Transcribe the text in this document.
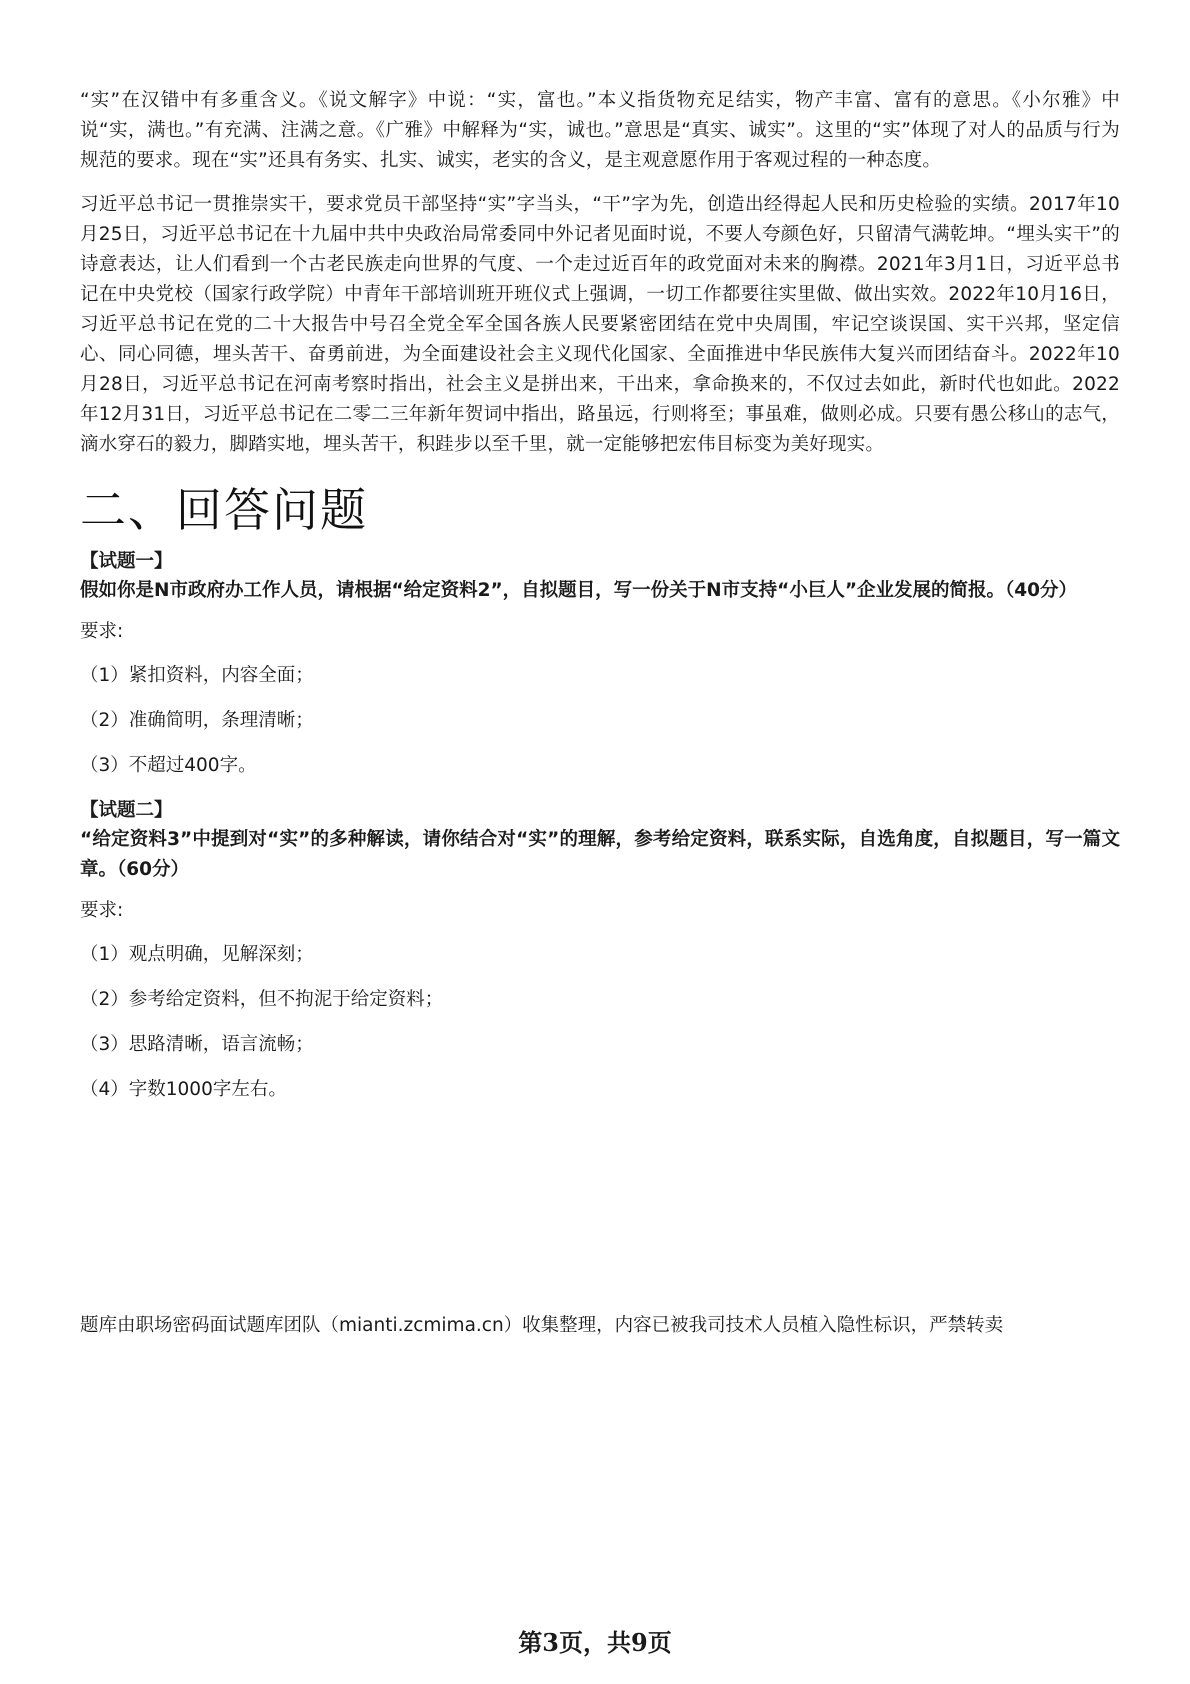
“实”在汉错中有多重含义。《说文解字》中说：“实，富也。”本义指货物充足结实，物产丰富、富有的意思。《小尔雅》中说“实，满也。”有充满、注满之意。《广雅》中解释为“实，诚也。”意思是“真实、诚实”。这里的“实”体现了对人的品质与行为规范的要求。现在“实”还具有务实、扎实、诚实，老实的含义，是主观意愿作用于客观过程的一种态度。

习近平总书记一贯推崇实干，要求党员干部坚持“实”字当头，“干”字为先，创造出经得起人民和历史检验的实绩。2017年10月25日，习近平总书记在十九届中共中央政治局常委同中外记者见面时说，不要人夸颜色好，只留清气满乾坤。“埋头实干”的诗意表达，让人们看到一个古老民族走向世界的气度、一个走过近百年的政党面对未来的胸襟。2021年3月1日，习近平总书记在中央党校（国家行政学院）中青年干部培训班开班仪式上强调，一切工作都要往实里做、做出实效。2022年10月16日，习近平总书记在党的二十大报告中号召全党全军全国各族人民要紧密团结在党中央周围，牢记空谈误国、实干兴邦，坚定信心、同心同德，埋头苦干、奋勇前进，为全面建设社会主义现代化国家、全面推进中华民族伟大复兴而团结奋斗。2022年10月28日，习近平总书记在河南考察时指出，社会主义是拼出来，干出来，拿命换来的，不仅过去如此，新时代也如此。2022年12月31日，习近平总书记在二零二三年新年贺词中指出，路虽远，行则将至；事虽难，做则必成。只要有愚公移山的志气，滴水穿石的毅力，脚踏实地，埋头苦干，积跬步以至千里，就一定能够把宏伟目标变为美好现实。

二、回答问题

【试题一】

假如你是N市政府办工作人员，请根据“给定资料2”，自拟题目，写一份关于N市支持“小巨人”企业发展的简报。（40分）

要求:

（1）紧扣资料，内容全面；
（2）准确简明，条理清晰；
（3）不超过400字。

【试题二】

“给定资料3”中提到对“实”的多种解读，请你结合对“实”的理解，参考给定资料，联系实际，自选角度，自拟题目，写一篇文章。（60分）

要求:

（1）观点明确，见解深刻；
（2）参考给定资料，但不拘泥于给定资料；
（3）思路清晰，语言流畅；
（4）字数1000字左右。
题库由职场密码面试题库团队（mianti.zcmima.cn）收集整理，内容已被我司技术人员植入隐性标识，严禁转卖
第3页，共9页
